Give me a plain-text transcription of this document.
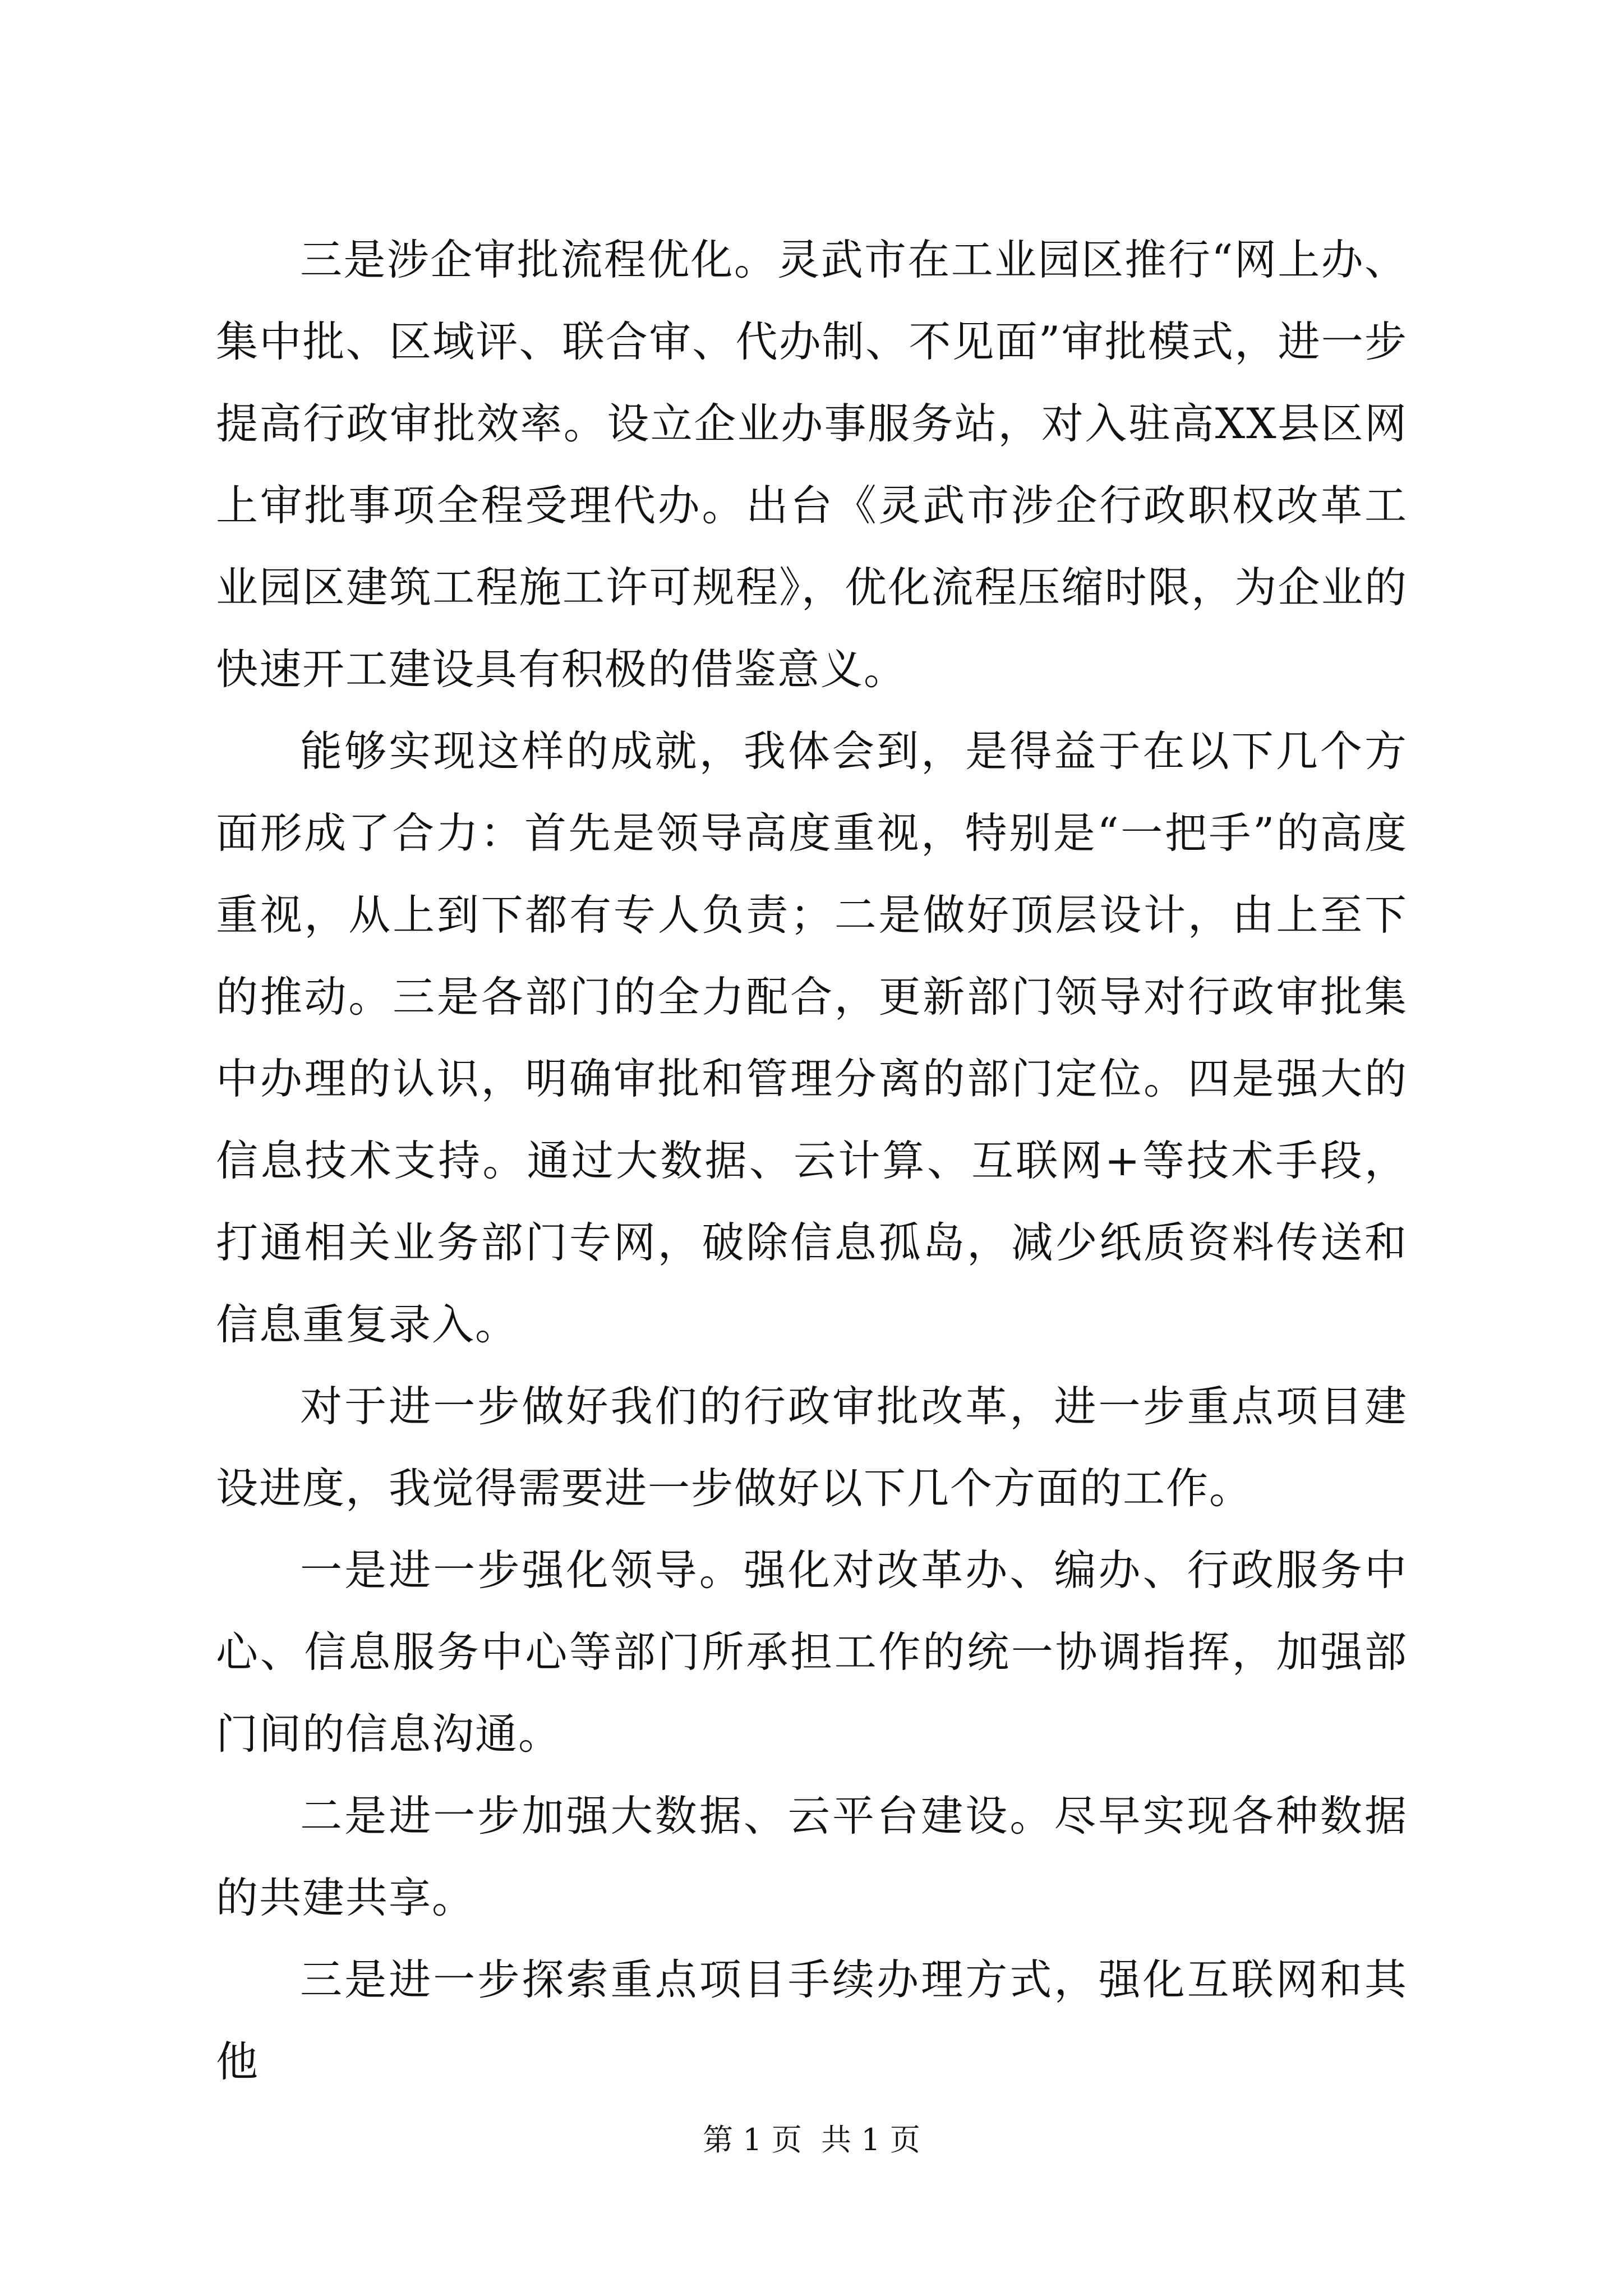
三是涉企审批流程优化。灵武市在工业园区推行“网上办、集中批、区域评、联合审、代办制、不见面”审批模式，进一步提高行政审批效率。设立企业办事服务站，对入驻高XX县区网上审批事项全程受理代办。出台《灵武市涉企行政职权改革工业园区建筑工程施工许可规程》，优化流程压缩时限，为企业的快速开工建设具有积极的借鉴意义。

能够实现这样的成就，我体会到，是得益于在以下几个方面形成了合力：首先是领导高度重视，特别是“一把手”的高度重视，从上到下都有专人负责；二是做好顶层设计，由上至下的推动。三是各部门的全力配合，更新部门领导对行政审批集中办理的认识，明确审批和管理分离的部门定位。四是强大的信息技术支持。通过大数据、云计算、互联网+等技术手段，打通相关业务部门专网，破除信息孤岛，减少纸质资料传送和信息重复录入。

对于进一步做好我们的行政审批改革，进一步重点项目建设进度，我觉得需要进一步做好以下几个方面的工作。

一是进一步强化领导。强化对改革办、编办、行政服务中心、信息服务中心等部门所承担工作的统一协调指挥，加强部门间的信息沟通。

二是进一步加强大数据、云平台建设。尽早实现各种数据的共建共享。

三是进一步探索重点项目手续办理方式，强化互联网和其他

第 1 页  共 1 页
